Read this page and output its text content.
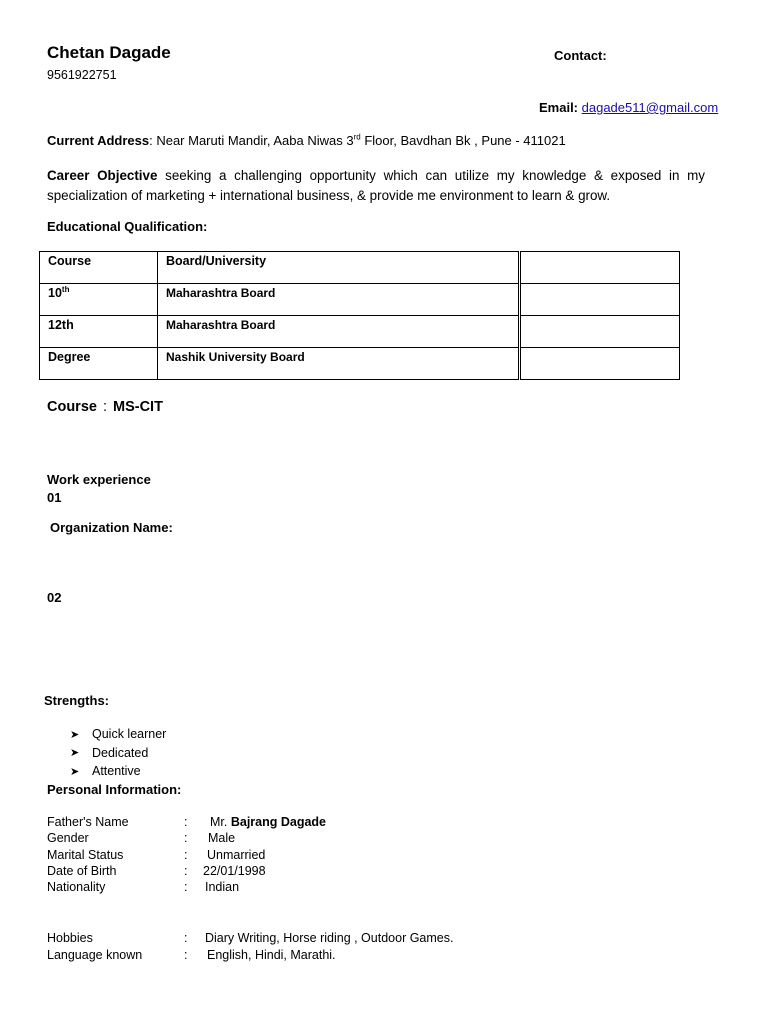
Chetan Dagade
9561922751
Contact:
Email: dagade511@gmail.com
Current Address: Near Maruti Mandir, Aaba Niwas 3rd Floor, Bavdhan Bk , Pune - 411021
Career Objective seeking a challenging opportunity which can utilize my knowledge & exposed in my specialization of marketing + international business, & provide me environment to learn & grow.
Educational Qualification:
Course	Board/University	
10th	Maharashtra Board	
12th	Maharashtra Board	
Degree	Nashik University Board	
Course : MS-CIT
Work experience
01
Organization Name:
02
Strengths:
➤	Quick learner
➤	Dedicated
➤	Attentive
Personal Information:
Father's Name	: Mr. Bajrang Dagade
Gender	: Male
Marital Status	: Unmarried
Date of Birth	: 22/01/1998
Nationality	: Indian
Hobbies	: Diary Writing, Horse riding , Outdoor Games.
Language known	: English, Hindi, Marathi.
